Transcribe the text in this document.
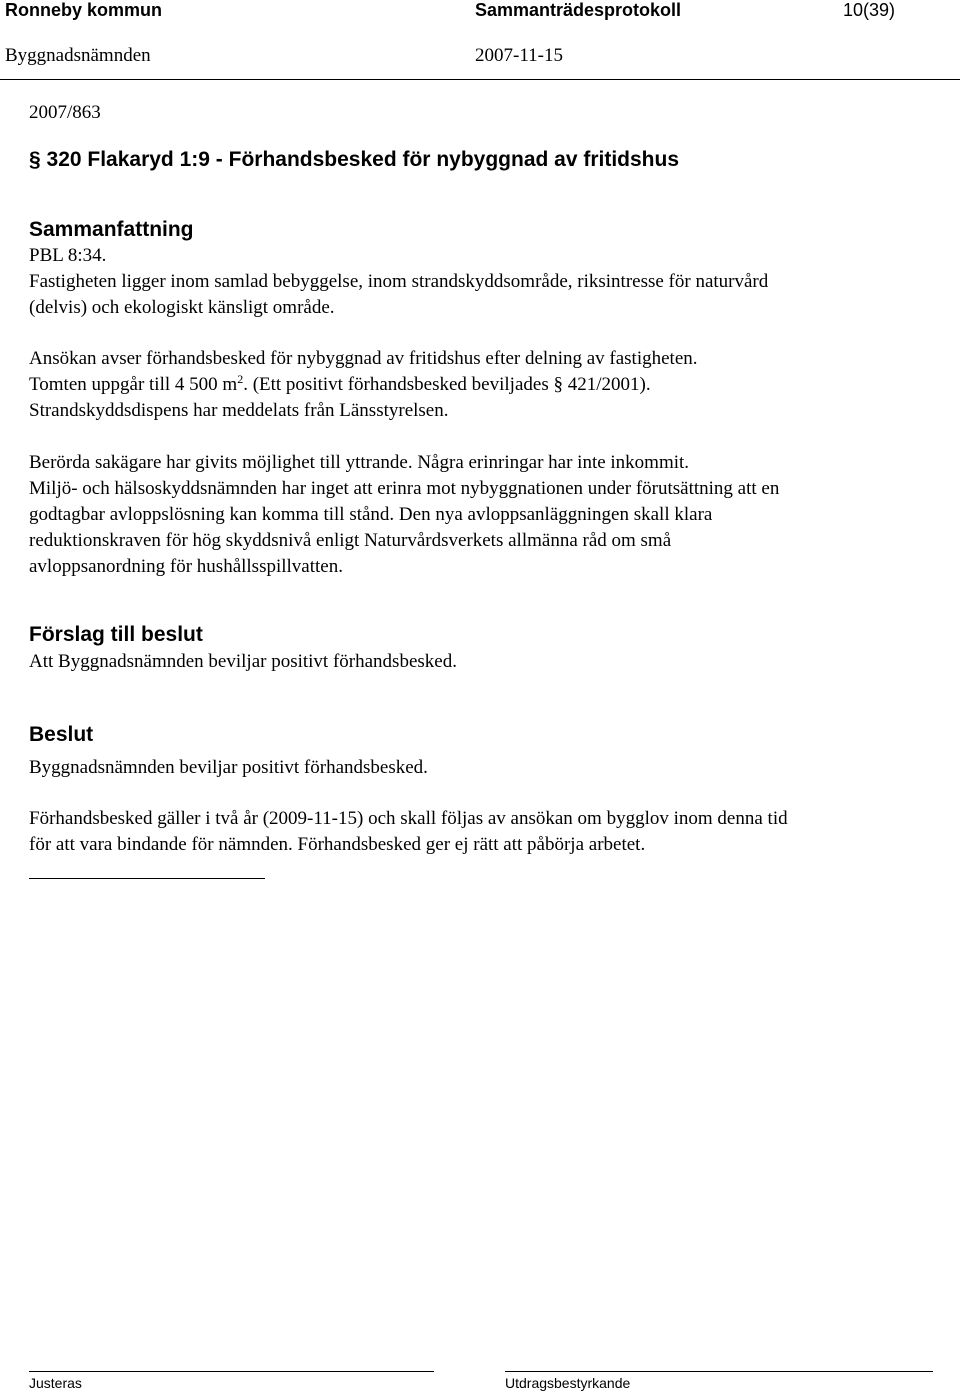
Ronneby kommun	Sammanträdesprotokoll	10(39)
Byggnadsnämnden	2007-11-15
2007/863
§ 320 Flakaryd 1:9 - Förhandsbesked för nybyggnad av fritidshus
Sammanfattning
PBL 8:34.
Fastigheten ligger inom samlad bebyggelse, inom strandskyddsområde, riksintresse för naturvård
(delvis) och ekologiskt känsligt område.
Ansökan avser förhandsbesked för nybyggnad av fritidshus efter delning av fastigheten.
Tomten uppgår till 4 500 $m^2$. (Ett positivt förhandsbesked beviljades § 421/2001).
Strandskyddsdispens har meddelats från Länsstyrelsen.
Berörda sakägare har givits möjlighet till yttrande. Några erinringar har inte inkommit.
Miljö- och hälsoskyddsnämnden har inget att erinra mot nybyggnationen under förutsättning att en
godtagbar avloppslösning kan komma till stånd. Den nya avloppsanläggningen skall klara
reduktionskraven för hög skyddsnivå enligt Naturvårdsverkets allmänna råd om små
avloppsanordning för hushållsspillvatten.
Förslag till beslut
Att Byggnadsnämnden beviljar positivt förhandsbesked.
Beslut
Byggnadsnämnden beviljar positivt förhandsbesked.
Förhandsbesked gäller i två år (2009-11-15) och skall följas av ansökan om bygglov inom denna tid
för att vara bindande för nämnden. Förhandsbesked ger ej rätt att påbörja arbetet.
Justeras	Utdragsbestyrkande
